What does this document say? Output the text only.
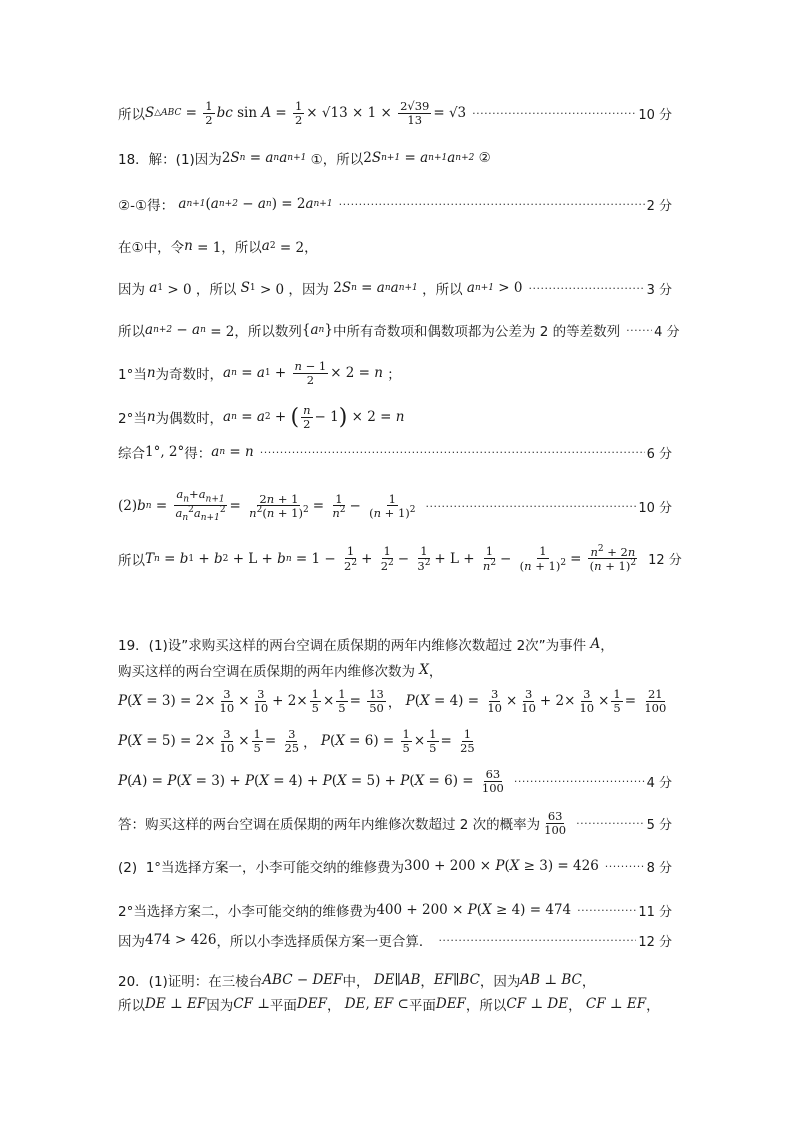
所以 S △ABC = $\frac{1}{2}$ bc $\sin A = \frac{1}{2} \times √13 \times 1 \times \frac{2√39}{13} = √3$ ·····	10 分
18．解：(1)因为 2 S n = a n a n+1 ①， 所以 2 S n+1 = a n+1 a n+2 ②
②-①得：
a n+1 ( a n+2 − a n ) = 2 a n+1 ·····	2 分
在①中，令 n = 1， 所以 a 2 = 2，
因为
a 1 > 0 ， 所以
S 1 > 0 ， 因为 2 S n = a n a n+1 ， 所以
a n+1 > 0 ·····	3 分
所以 a n+2 − a n = 2， 所以数列 { a n } 中所有奇数项和偶数项都为公差为 2 的等差数列 ·····	4 分
1°当 n 为奇数时， a n = a $1 + \frac{n - 1}{2} \times 2 = n$ ；
2°当 n 为偶数时， a n = a 2 + ( $\frac{n}{2} - 1$ ) × 2 = n
综合 1°, 2° 得： a n = n ·····	6 分
(2) b $n = \frac{a_n+a_{n+1}}{a_n^2a_{n+1}^2} = \frac{2n + 1}{n^2(n + 1)^2} = \frac{1}{n^2} - \frac{1}{(n + 1)^2}$ ·····	10 分
所以 T n = b 1 + b 2 + L + b $n = 1 - \frac{1}{2^2} + \frac{1}{2^2} - \frac{1}{3^2} + L + \frac{1}{n^2} - \frac{1}{(n + 1)^2} = \frac{n^2 + 2n}{(n + 1)^2} 12$ 分
19．(1)设”求购买这样的两台空调在质保期的两年内维修次数超过 2次”为事件
A ，
购买这样的两台空调在质保期的两年内维修次数为
X ，
P ( $X = 3) = 2\times \frac{3}{10} \times \frac{3}{10} + 2\times \frac{1}{5} \times \frac{1}{5} = \frac{13}{50}$ ， P ( $X = 4) = \frac{3}{10} \times \frac{3}{10} + 2\times \frac{3}{10} \times \frac{1}{5} = \frac{21}{100}$
P ( $X = 5) = 2\times \frac{3}{10} \times \frac{1}{5} = \frac{3}{25}$ ， P ( $X = 6) = \frac{1}{5} \times \frac{1}{5} = \frac{1}{25}$
P ( A ) = P ( X = 3) + P ( X = 4) + P ( X = 5) + P ( $X = 6) = \frac{63}{100}$ ·····	4 分
答：购买这样的两台空调在质保期的两年内维修次数超过 2 次的概率为 $\frac{63}{100}$ ·····	5 分
(2)  1°当选择方案一，小李可能交纳的维修费为 300 + 200 × P ( X ≥ 3) = 426 ·····	8 分
2°当选择方案二，小李可能交纳的维修费为 400 + 200 × P ( X ≥ 4) = 474 ·····	11 分
因为 474 > 426 ，所以小李选择质保方案一更合算． ·····	12 分
20．(1)证明：在三棱台 ABC − DEF 中，
DE ∥ AB ， EF ∥ BC ， 因为 AB ⊥ BC ，
所以 DE ⊥ EF 因为 CF ⊥ 平面 DEF ， DE , EF ⊂ 平面 DEF ， 所以 CF ⊥ DE ， CF ⊥ EF ，
